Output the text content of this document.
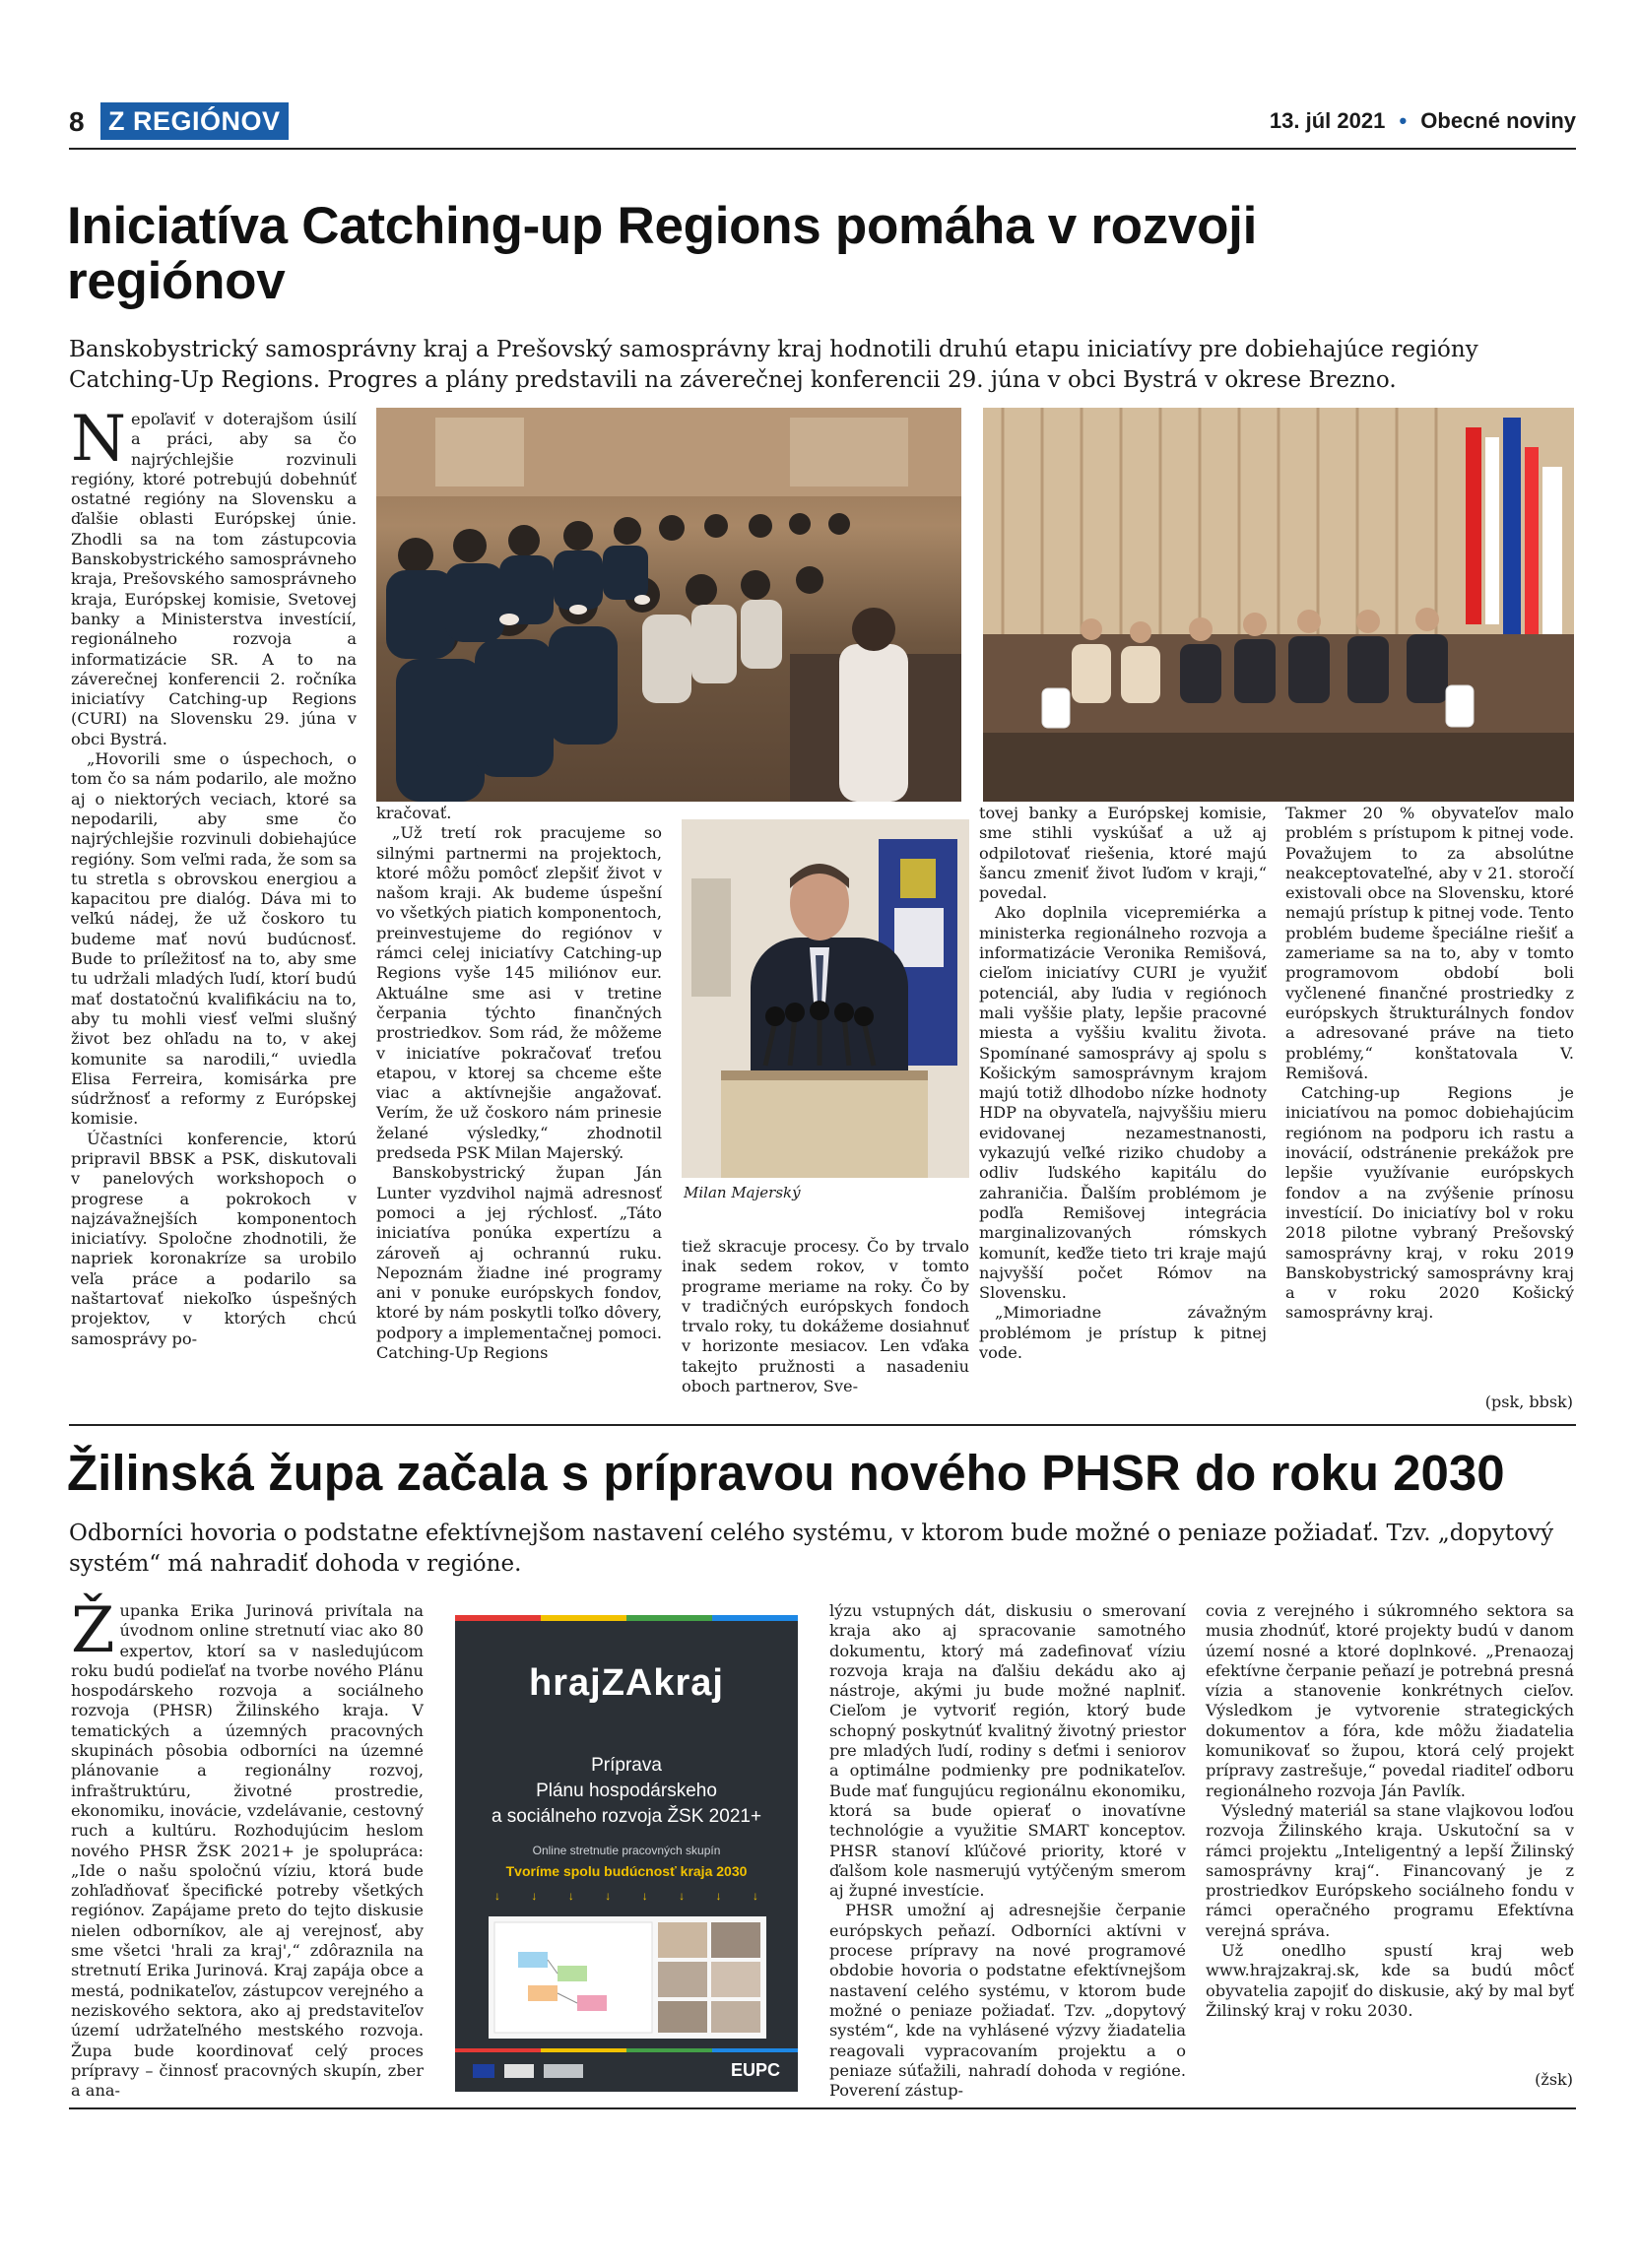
8 Z REGIÓNOV	13. júl 2021 • Obecné noviny
Iniciatíva Catching-up Regions pomáha v rozvoji
regiónov
Banskobystrický samosprávny kraj a Prešovský samosprávny kraj hodnotili druhú etapu iniciatívy pre dobiehajúce regióny
Catching-Up Regions. Progres a plány predstavili na záverečnej konferencii 29. júna v obci Bystrá v okrese Brezno.

Nepoľaviť v doterajšom úsilí a práci, aby sa čo najrýchlejšie rozvinuli regióny, ktoré potrebujú dobehnúť ostatné regióny na Slovensku a ďalšie oblasti Európskej únie. Zhodli sa na tom zástupcovia Banskobystrického samosprávneho kraja, Prešovského samosprávneho kraja, Európskej komisie, Svetovej banky a Ministerstva investícií, regionálneho rozvoja a informatizácie SR. A to na záverečnej konferencii 2. ročníka iniciatívy Catching-up Regions (CURI) na Slovensku 29. júna v obci Bystrá.

„Hovorili sme o úspechoch, o tom čo sa nám podarilo, ale možno aj o niektorých veciach, ktoré sa nepodarili, aby sme čo najrýchlejšie rozvinuli dobiehajúce regióny. Som veľmi rada, že som sa tu stretla s obrovskou energiou a kapacitou pre dialóg. Dáva mi to veľkú nádej, že už čoskoro tu budeme mať novú budúcnosť. Bude to príležitosť na to, aby sme tu udržali mladých ľudí, ktorí budú mať dostatočnú kvalifikáciu na to, aby tu mohli viesť veľmi slušný život bez ohľadu na to, v akej komunite sa narodili,“ uviedla Elisa Ferreira, komisárka pre súdržnosť a reformy z Európskej komisie.

Účastníci konferencie, ktorú pripravil BBSK a PSK, diskutovali v panelových workshopoch o progrese a pokrokoch v najzávažnejších komponentoch iniciatívy. Spoločne zhodnotili, že napriek koronakríze sa urobilo veľa práce a podarilo sa naštartovať niekoľko úspešných projektov, v ktorých chcú samosprávy po-

kračovať.

„Už tretí rok pracujeme so silnými partnermi na projektoch, ktoré môžu pomôcť zlepšiť život v našom kraji. Ak budeme úspešní vo všetkých piatich komponentoch, preinvestujeme do regiónov v rámci celej iniciatívy Catching-up Regions vyše 145 miliónov eur. Aktuálne sme asi v tretine čerpania týchto finančných prostriedkov. Som rád, že môžeme v iniciatíve pokračovať treťou etapou, v ktorej sa chceme ešte viac a aktívnejšie angažovať. Verím, že už čoskoro nám prinesie želané výsledky,“ zhodnotil predseda PSK Milan Majerský.

Banskobystrický župan Ján Lunter vyzdvihol najmä adresnosť pomoci a jej rýchlosť. „Táto iniciatíva ponúka expertízu a zároveň aj ochrannú ruku. Nepoznám žiadne iné programy ani v ponuke európskych fondov, ktoré by nám poskytli toľko dôvery, podpory a implementačnej pomoci. Catching-Up Regions

Milan Majerský

tiež skracuje procesy. Čo by trvalo inak sedem rokov, v tomto programe meriame na roky. Čo by v tradičných európskych fondoch trvalo roky, tu dokážeme dosiahnuť v horizonte mesiacov. Len vďaka takejto pružnosti a nasadeniu oboch partnerov, Sve-

tovej banky a Európskej komisie, sme stihli vyskúšať a už aj odpilotovať riešenia, ktoré majú šancu zmeniť život ľuďom v kraji,“ povedal.

Ako doplnila vicepremiérka a ministerka regionálneho rozvoja a informatizácie Veronika Remišová, cieľom iniciatívy CURI je využiť potenciál, aby ľudia v regiónoch mali vyššie platy, lepšie pracovné miesta a vyššiu kvalitu života. Spomínané samosprávy aj spolu s Košickým samosprávnym krajom majú totiž dlhodobo nízke hodnoty HDP na obyvateľa, najvyššiu mieru evidovanej nezamestnanosti, vykazujú veľké riziko chudoby a odliv ľudského kapitálu do zahraničia. Ďalším problémom je podľa Remišovej integrácia marginalizovaných rómskych komunít, keďže tieto tri kraje majú najvyšší počet Rómov na Slovensku.

„Mimoriadne závažným problémom je prístup k pitnej vode.

Takmer 20 % obyvateľov malo problém s prístupom k pitnej vode. Považujem to za absolútne neakceptovateľné, aby v 21. storočí existovali obce na Slovensku, ktoré nemajú prístup k pitnej vode. Tento problém budeme špeciálne riešiť a zameriame sa na to, aby v tomto programovom období boli vyčlenené finančné prostriedky z európskych štrukturálnych fondov a adresované práve na tieto problémy,“ konštatovala V. Remišová.

Catching-up Regions je iniciatívou na pomoc dobiehajúcim regiónom na podporu ich rastu a inovácií, odstránenie prekážok pre lepšie využívanie európskych fondov a na zvýšenie prínosu investícií. Do iniciatívy bol v roku 2018 pilotne vybraný Prešovský samosprávny kraj, v roku 2019 Banskobystrický samosprávny kraj a v roku 2020 Košický samosprávny kraj.

(psk, bbsk)
Žilinská župa začala s prípravou nového PHSR do roku 2030
Odborníci hovoria o podstatne efektívnejšom nastavení celého systému, v ktorom bude možné o peniaze požiadať. Tzv. „dopytový
systém“ má nahradiť dohoda v regióne.

Županka Erika Jurinová privítala na úvodnom online stretnutí viac ako 80 expertov, ktorí sa v nasledujúcom roku budú podieľať na tvorbe nového Plánu hospodárskeho rozvoja a sociálneho rozvoja (PHSR) Žilinského kraja. V tematických a územných pracovných skupinách pôsobia odborníci na územné plánovanie a regionálny rozvoj, infraštruktúru, životné prostredie, ekonomiku, inovácie, vzdelávanie, cestovný ruch a kultúru. Rozhodujúcim heslom nového PHSR ŽSK 2021+ je spolupráca: „Ide o našu spoločnú víziu, ktorá bude zohľadňovať špecifické potreby všetkých regiónov. Zapájame preto do tejto diskusie nielen odborníkov, ale aj verejnosť, aby sme všetci 'hrali za kraj',“ zdôraznila na stretnutí Erika Jurinová. Kraj zapája obce a mestá, podnikateľov, zástupcov verejného a neziskového sektora, ako aj predstaviteľov území udržateľného mestského rozvoja. Župa bude koordinovať celý proces prípravy – činnosť pracovných skupín, zber a ana-

hrajZAkraj
Príprava
Plánu hospodárskeho
a sociálneho rozvoja ŽSK 2021+
Online stretnutie pracovných skupín
Tvoríme spolu budúcnosť kraja 2030
↓	↓	↓	↓	↓	↓	↓	↓
EUPC

lýzu vstupných dát, diskusiu o smerovaní kraja ako aj spracovanie samotného dokumentu, ktorý má zadefinovať víziu rozvoja kraja na ďalšiu dekádu ako aj nástroje, akými ju bude možné naplniť. Cieľom je vytvoriť región, ktorý bude schopný poskytnúť kvalitný životný priestor pre mladých ľudí, rodiny s deťmi i seniorov a optimálne podmienky pre podnikateľov. Bude mať fungujúcu regionálnu ekonomiku, ktorá sa bude opierať o inovatívne technológie a využitie SMART konceptov. PHSR stanoví kľúčové priority, ktoré v ďalšom kole nasmerujú vytýčeným smerom aj župné investície.

PHSR umožní aj adresnejšie čerpanie európskych peňazí. Odborníci aktívni v procese prípravy na nové programové obdobie hovoria o podstatne efektívnejšom nastavení celého systému, v ktorom bude možné o peniaze požiadať. Tzv. „dopytový systém“, kde na vyhlásené výzvy žiadatelia reagovali vypracovaním projektu a o peniaze súťažili, nahradí dohoda v regióne. Poverení zástup-

covia z verejného i súkromného sektora sa musia zhodnúť, ktoré projekty budú v danom území nosné a ktoré doplnkové. „Prenaozaj efektívne čerpanie peňazí je potrebná presná vízia a stanovenie konkrétnych cieľov. Výsledkom je vytvorenie strategických dokumentov a fóra, kde môžu žiadatelia komunikovať so župou, ktorá celý projekt prípravy zastrešuje,“ povedal riaditeľ odboru regionálneho rozvoja Ján Pavlík.

Výsledný materiál sa stane vlajkovou loďou rozvoja Žilinského kraja. Uskutoční sa v rámci projektu „Inteligentný a lepší Žilinský samosprávny kraj“. Financovaný je z prostriedkov Európskeho sociálneho fondu v rámci operačného programu Efektívna verejná správa.

Už onedlho spustí kraj web www.hrajzakraj.sk, kde sa budú môcť obyvatelia zapojiť do diskusie, aký by mal byť Žilinský kraj v roku 2030.

(žsk)
